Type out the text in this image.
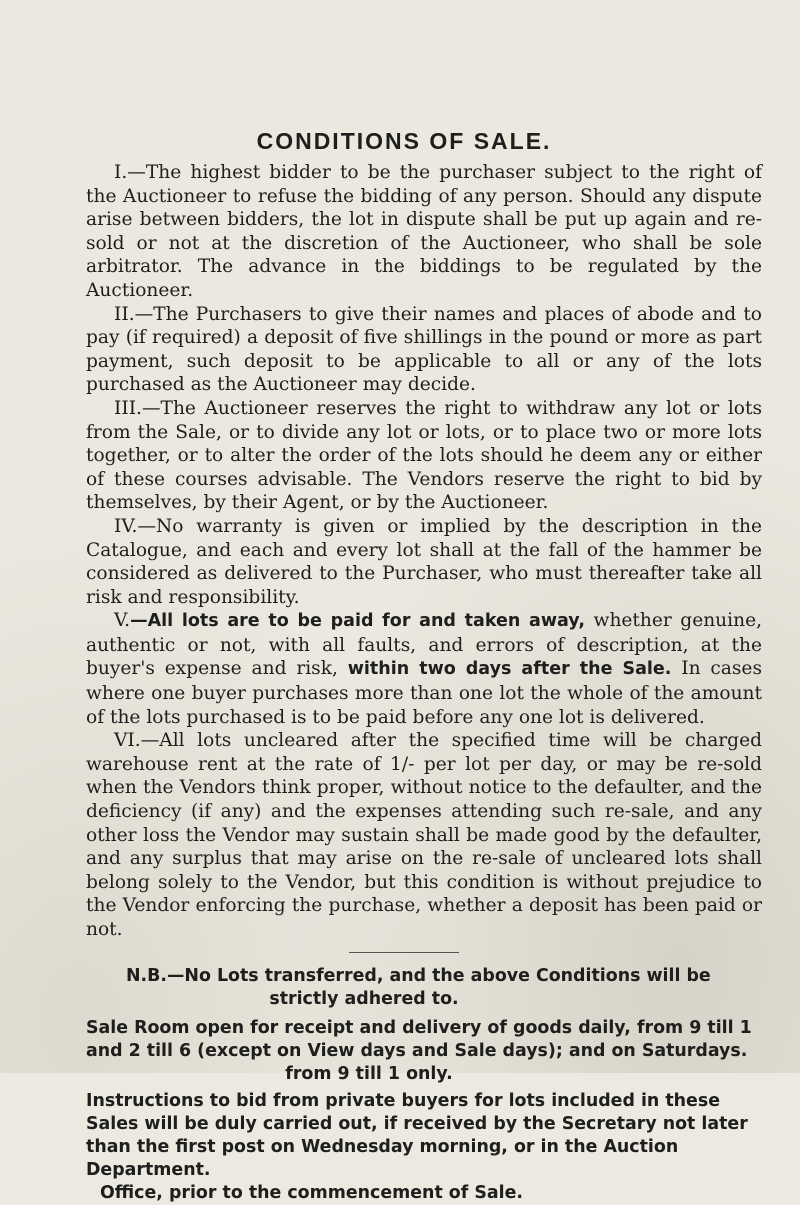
CONDITIONS OF SALE.

I.—The highest bidder to be the purchaser subject to the right of the Auctioneer to refuse the bidding of any person. Should any dispute arise between bidders, the lot in dispute shall be put up again and re-sold or not at the discretion of the Auctioneer, who shall be sole arbitrator. The advance in the biddings to be regulated by the Auctioneer.

II.—The Purchasers to give their names and places of abode and to pay (if required) a deposit of five shillings in the pound or more as part payment, such deposit to be applicable to all or any of the lots purchased as the Auctioneer may decide.

III.—The Auctioneer reserves the right to withdraw any lot or lots from the Sale, or to divide any lot or lots, or to place two or more lots together, or to alter the order of the lots should he deem any or either of these courses advisable. The Vendors reserve the right to bid by themselves, by their Agent, or by the Auctioneer.

IV.—No warranty is given or implied by the description in the Catalogue, and each and every lot shall at the fall of the hammer be considered as delivered to the Purchaser, who must thereafter take all risk and responsibility.

V.—All lots are to be paid for and taken away, whether genuine, authentic or not, with all faults, and errors of description, at the buyer's expense and risk, within two days after the Sale. In cases where one buyer purchases more than one lot the whole of the amount of the lots purchased is to be paid before any one lot is delivered.

VI.—All lots uncleared after the specified time will be charged warehouse rent at the rate of 1/- per lot per day, or may be re-sold when the Vendors think proper, without notice to the defaulter, and the deficiency (if any) and the expenses attending such re-sale, and any other loss the Vendor may sustain shall be made good by the defaulter, and any surplus that may arise on the re-sale of uncleared lots shall belong solely to the Vendor, but this condition is without prejudice to the Vendor enforcing the purchase, whether a deposit has been paid or not.

N.B.—No Lots transferred, and the above Conditions will be
strictly adhered to.

Sale Room open for receipt and delivery of goods daily, from 9 till 1 and 2 till 6 (except on View days and Sale days); and on Saturdays.
from 9 till 1 only.

Instructions to bid from private buyers for lots included in these Sales will be duly carried out, if received by the Secretary not later than the first post on Wednesday morning, or in the Auction Department.
Office, prior to the commencement of Sale.
